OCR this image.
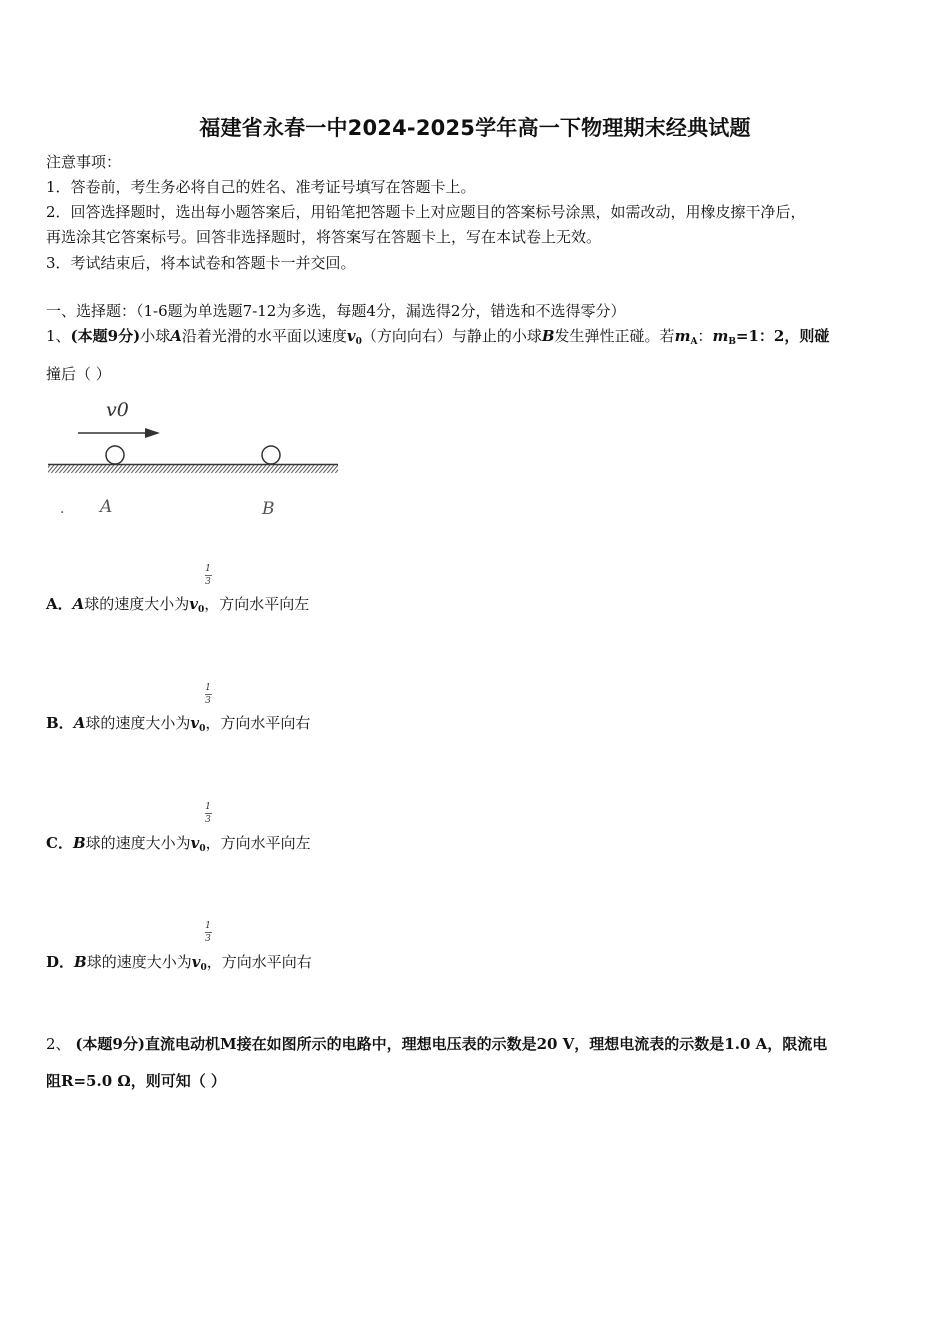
福建省永春一中2024-2025学年高一下物理期末经典试题
注意事项：
1．答卷前，考生务必将自己的姓名、准考证号填写在答题卡上。
2．回答选择题时，选出每小题答案后，用铅笔把答题卡上对应题目的答案标号涂黑，如需改动，用橡皮擦干净后，
再选涂其它答案标号。回答非选择题时，将答案写在答题卡上，写在本试卷上无效。
3．考试结束后，将本试卷和答题卡一并交回。
一、选择题：（1-6题为单选题7-12为多选，每题4分，漏选得2分，错选和不选得零分）
1、(本题9分)小球A沿着光滑的水平面以速度$v_0$（方向向右）与静止的小球B发生弹性正碰。若$m_A$：$m_B=1$：2，则碰
撞后（ ）
v0
. A	B
1
3
1
3
1
3
1
3
A．A球的速度大小为$v_0$，方向水平向左
B．A球的速度大小为$v_0$，方向水平向右
C．B球的速度大小为$v_0$，方向水平向左
D．B球的速度大小为$v_0$，方向水平向右
2、 (本题9分)直流电动机M接在如图所示的电路中，理想电压表的示数是20 V，理想电流表的示数是1.0 A，限流电
阻R=5.0 Ω，则可知（ ）
